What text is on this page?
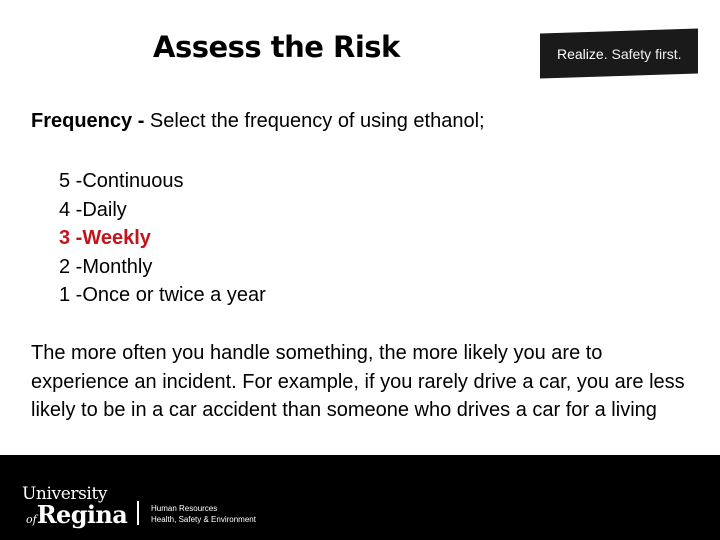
Assess the Risk	Realize. Safety first.
Frequency - Select the frequency of using ethanol;
5 -Continuous
4 -Daily
3 -Weekly
2 -Monthly
1 -Once or twice a year

The more often you handle something, the more likely you are to experience an incident. For example, if you rarely drive a car, you are less likely to be in a car accident than someone who drives a car for a living

University
ofRegina	Human Resources
Health, Safety & Environment
